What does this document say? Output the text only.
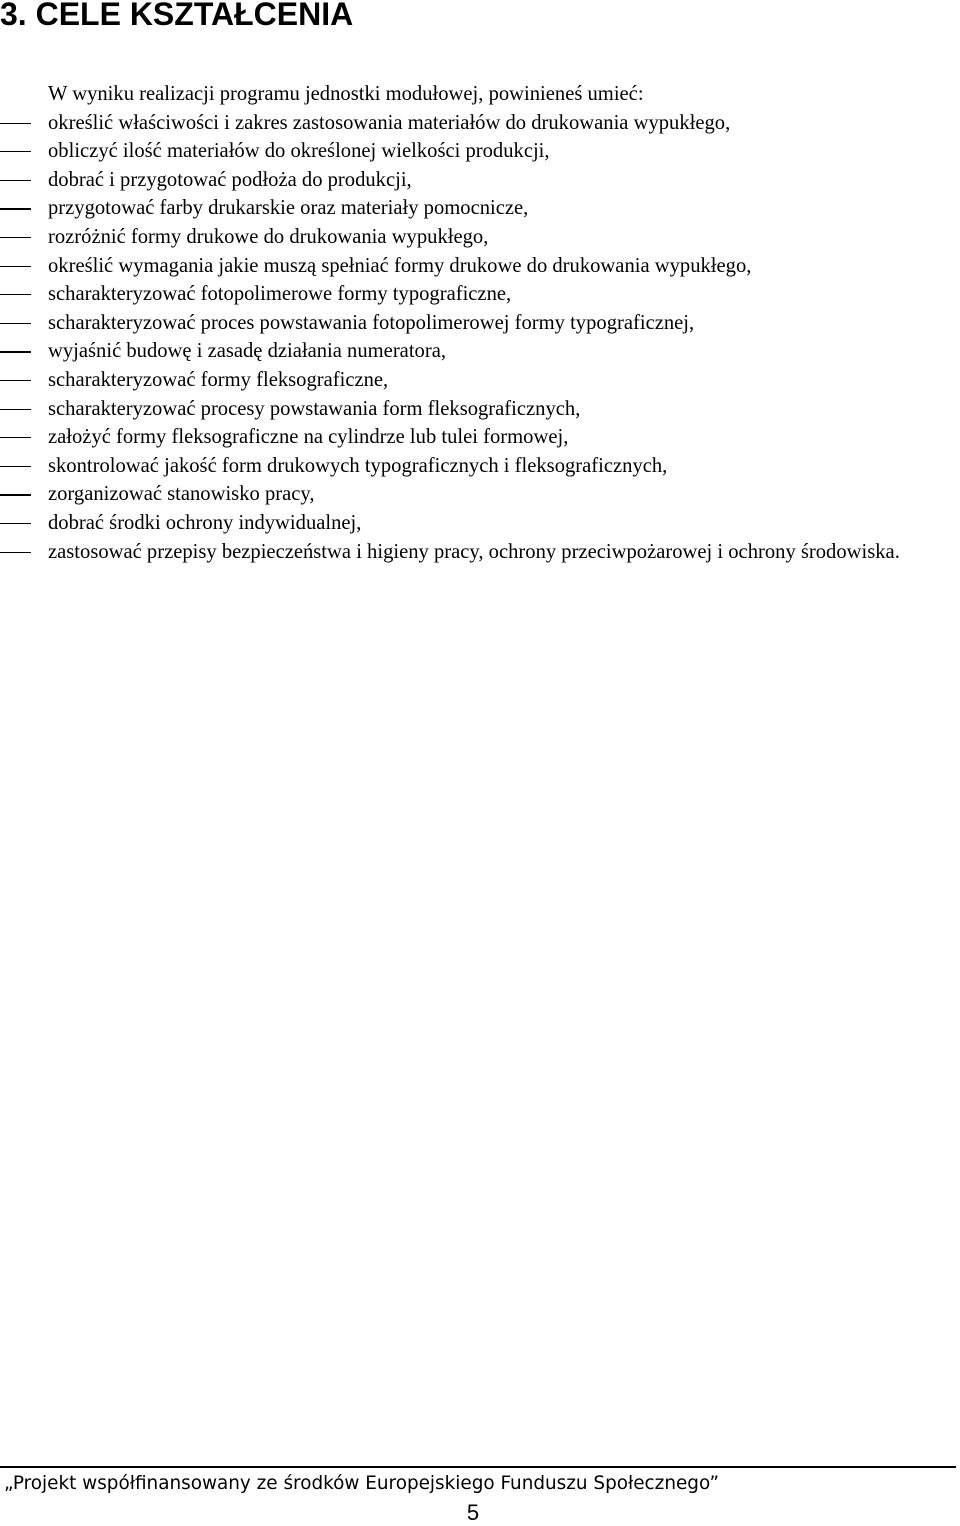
3. CELE KSZTAŁCENIA

W wyniku realizacji programu jednostki modułowej, powinieneś umieć:

określić właściwości i zakres zastosowania materiałów do drukowania wypukłego,
obliczyć ilość materiałów do określonej wielkości produkcji,
dobrać i przygotować podłoża do produkcji,
przygotować farby drukarskie oraz materiały pomocnicze,
rozróżnić formy drukowe do drukowania wypukłego,
określić wymagania jakie muszą spełniać formy drukowe do drukowania wypukłego,
scharakteryzować fotopolimerowe formy typograficzne,
scharakteryzować proces powstawania fotopolimerowej formy typograficznej,
wyjaśnić budowę i zasadę działania numeratora,
scharakteryzować formy fleksograficzne,
scharakteryzować procesy powstawania form fleksograficznych,
założyć formy fleksograficzne na cylindrze lub tulei formowej,
skontrolować jakość form drukowych typograficznych i fleksograficznych,
zorganizować stanowisko pracy,
dobrać środki ochrony indywidualnej,
zastosować przepisy bezpieczeństwa i higieny pracy, ochrony przeciwpożarowej i ochrony środowiska.

„Projekt współfinansowany ze środków Europejskiego Funduszu Społecznego”

5
